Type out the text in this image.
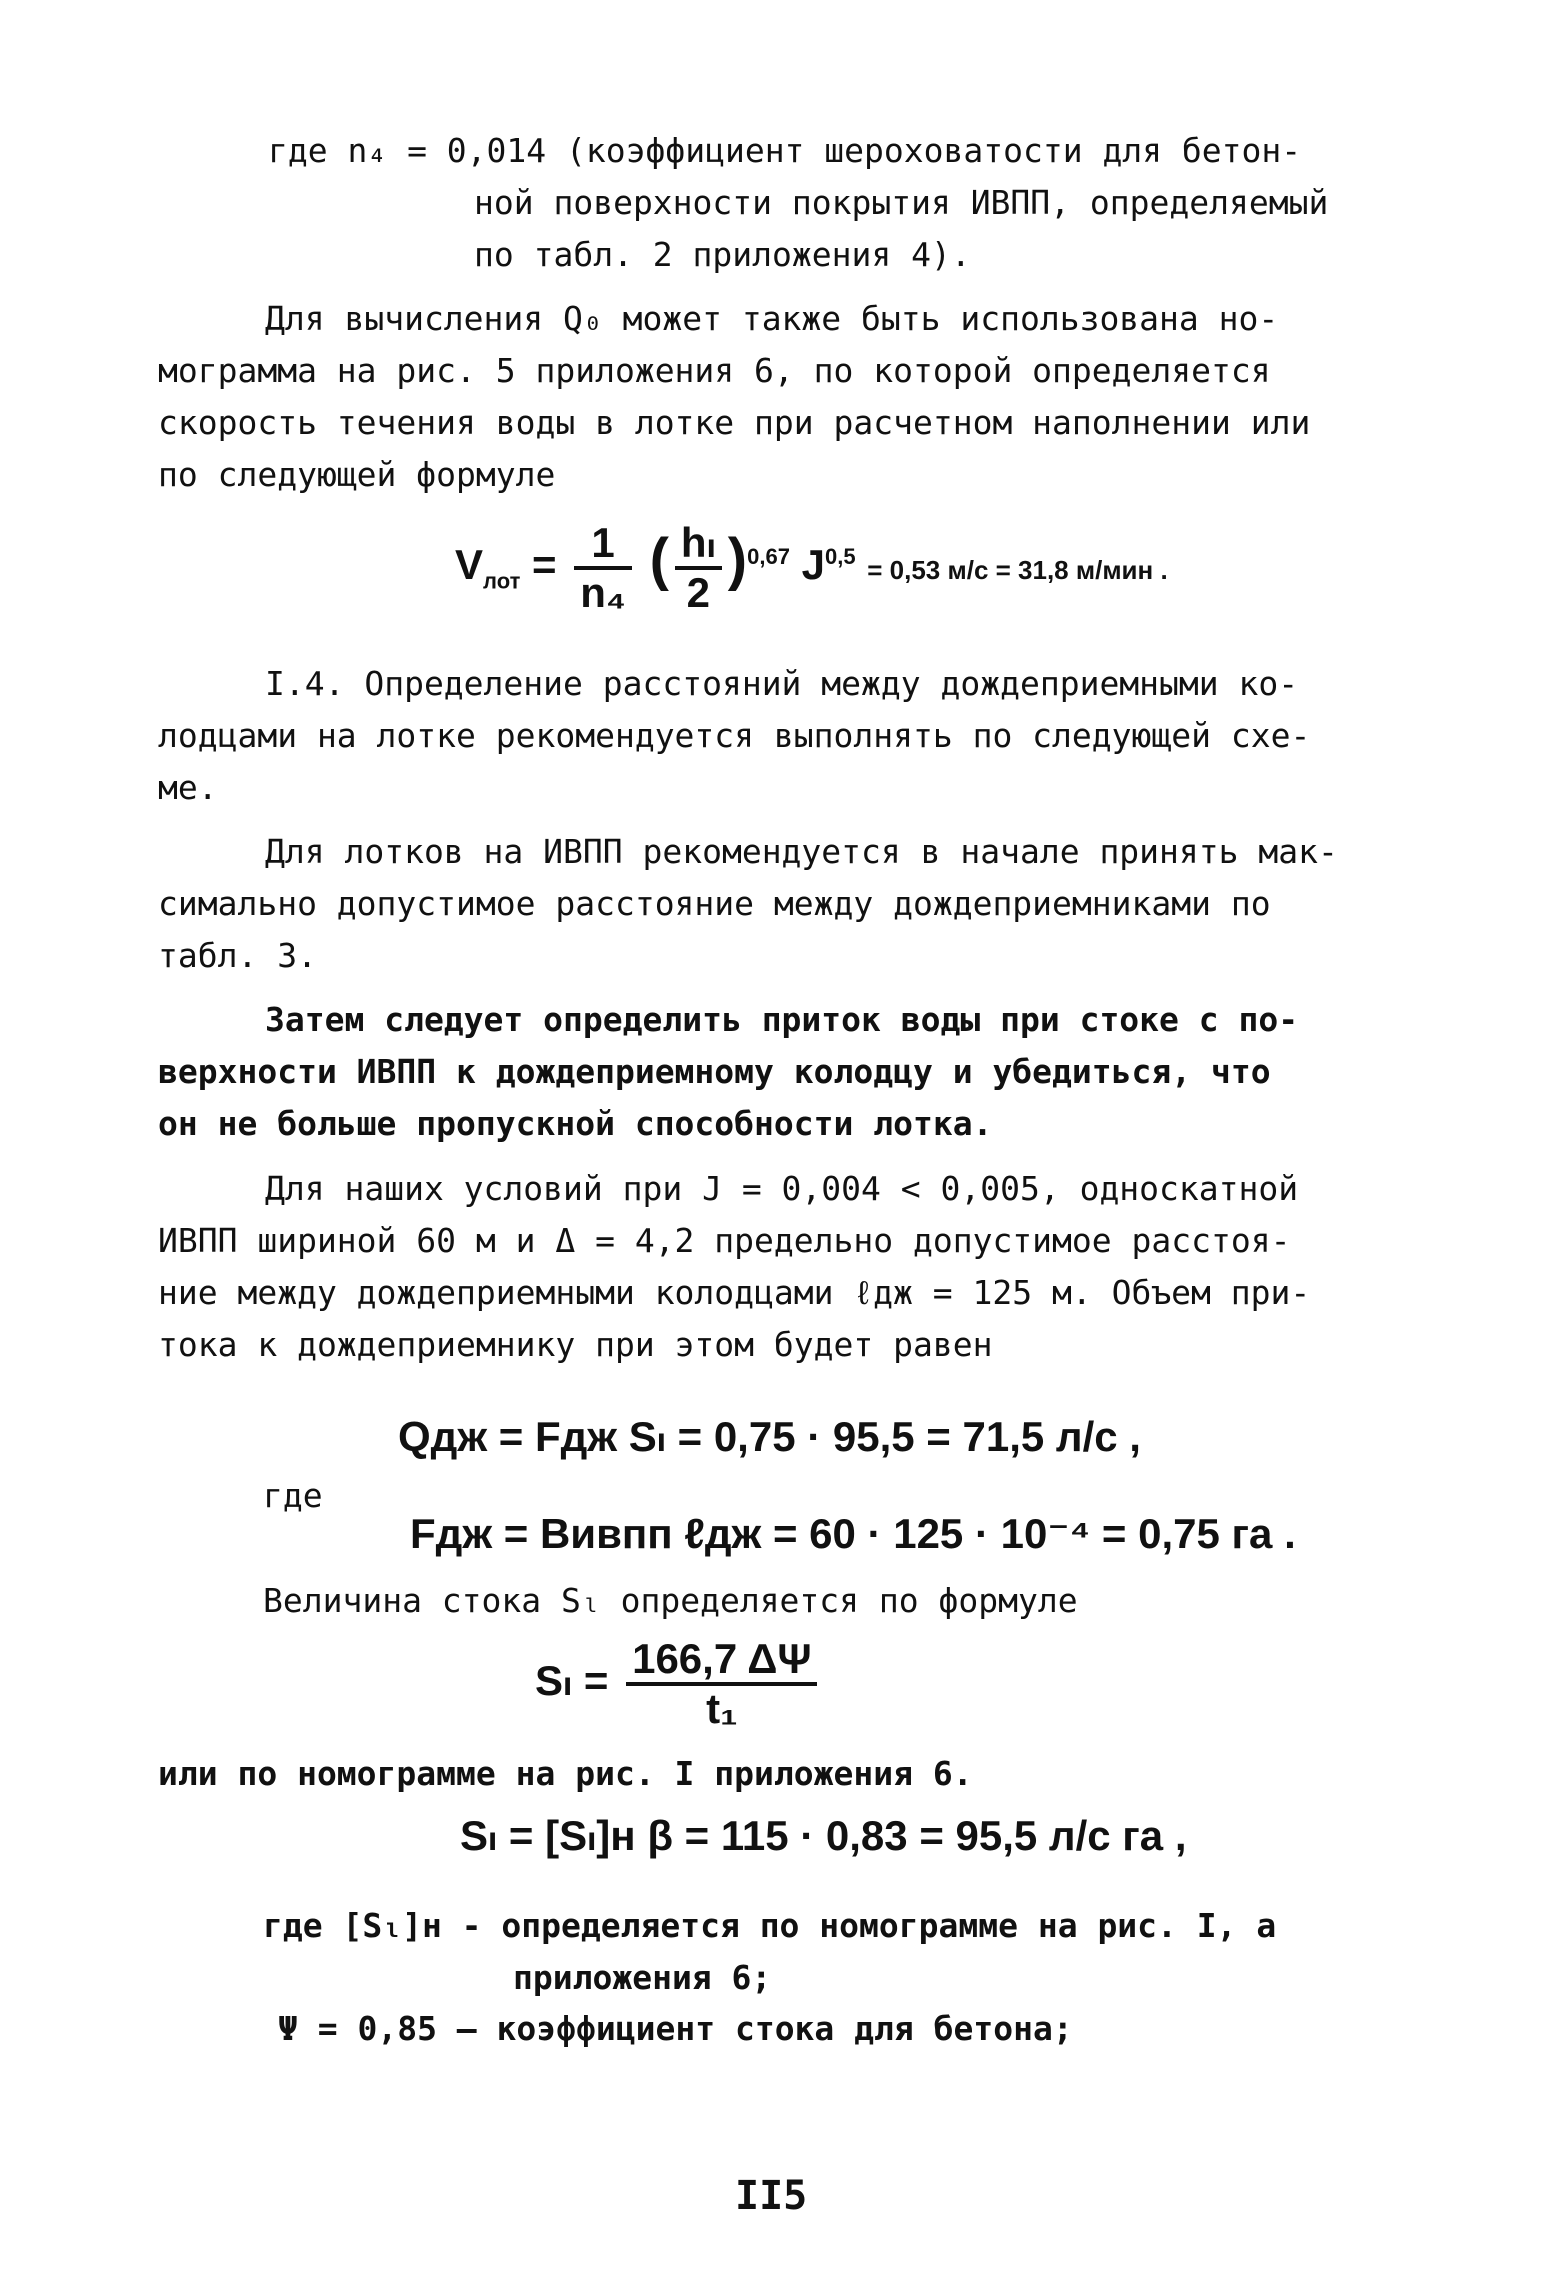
где n₄ = 0,014 (коэффициент шероховатости для бетон-
ной поверхности покрытия ИВПП, определяемый
по табл. 2 приложения 4).
Для вычисления Q₀ может также быть использована но-
мограмма на рис. 5 приложения 6, по которой определяется
скорость течения воды в лотке при расчетном наполнении или
по следующей формуле
$V_{лот} = \frac{1}{\text{n₄}}$ ( $\frac{\text{hₗ}}{2} )^{0,67}$ J$^{0,5}$ = 0,53 м/с = 31,8 м/мин .
I.4. Определение расстояний между дождеприемными ко-
лодцами на лотке рекомендуется выполнять по следующей схе-
ме.
Для лотков на ИВПП рекомендуется в начале принять мак-
симально допустимое расстояние между дождеприемниками по
табл. 3.
Затем следует определить приток воды при стоке с по-
верхности ИВПП к дождеприемному колодцу и убедиться, что
он не больше пропускной способности лотка.
Для наших условий при J = 0,004 < 0,005, односкатной
ИВПП шириной 60 м и Δ = 4,2 предельно допустимое расстоя-
ние между дождеприемными колодцами ℓдж = 125 м. Объем при-
тока к дождеприемнику при этом будет равен
Qдж = Fдж Sₗ = 0,75 · 95,5 = 71,5 л/с ,
где
Fдж = Bивпп ℓдж = 60 · 125 · 10⁻⁴ = 0,75 га .
Величина стока Sₗ определяется по формуле
$S_l = \frac{166,7 \Delta\Psi}{\text{t₁}}$
или по номограмме на рис. I приложения 6.
Sₗ = [Sₗ]н β = 115 · 0,83 = 95,5 л/с га ,
где [Sₗ]н - определяется по номограмме на рис. I, а
приложения 6;
Ψ = 0,85 – коэффициент стока для бетона;
II5
